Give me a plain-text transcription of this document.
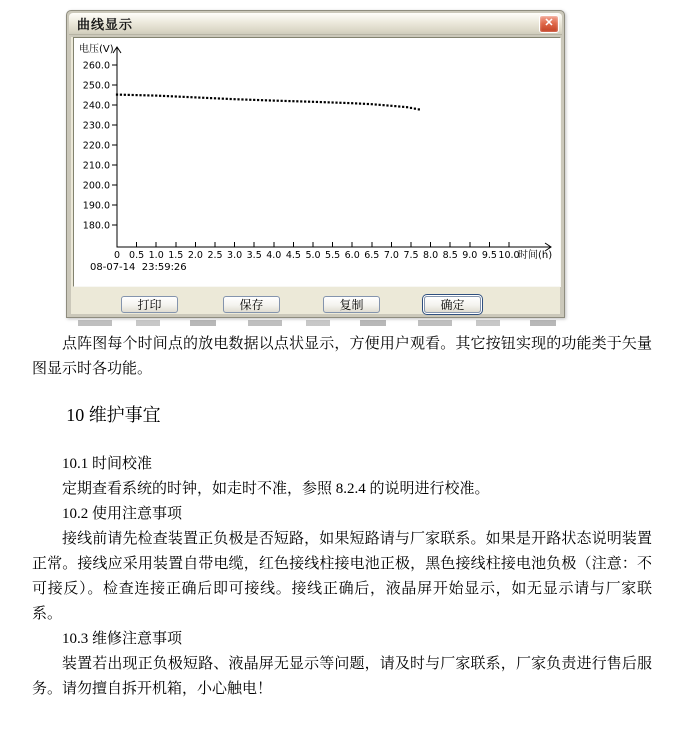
曲线显示	✕
260.0
250.0
240.0
230.0
220.0
210.0
200.0
190.0
180.0
0 0.5 1.0 1.5 2.0 2.5 3.0 3.5 4.0 4.5 5.0 5.5 6.0 6.5 7.0 7.5 8.0 8.5 9.0 9.5 10.0
电压(V)
时间(h)
08-07-14  23:59:26
打印	保存	复制	确定

点阵图每个时间点的放电数据以点状显示，方便用户观看。其它按钮实现的功能类于矢量图显示时各功能。

10 维护事宜

10.1 时间校准

定期查看系统的时钟，如走时不准，参照 8.2.4 的说明进行校准。

10.2 使用注意事项

接线前请先检查装置正负极是否短路，如果短路请与厂家联系。如果是开路状态说明装置正常。接线应采用装置自带电缆，红色接线柱接电池正极，黑色接线柱接电池负极（注意：不可接反）。检查连接正确后即可接线。接线正确后，液晶屏开始显示，如无显示请与厂家联系。

10.3 维修注意事项

装置若出现正负极短路、液晶屏无显示等问题，请及时与厂家联系，厂家负责进行售后服务。请勿擅自拆开机箱，小心触电！
